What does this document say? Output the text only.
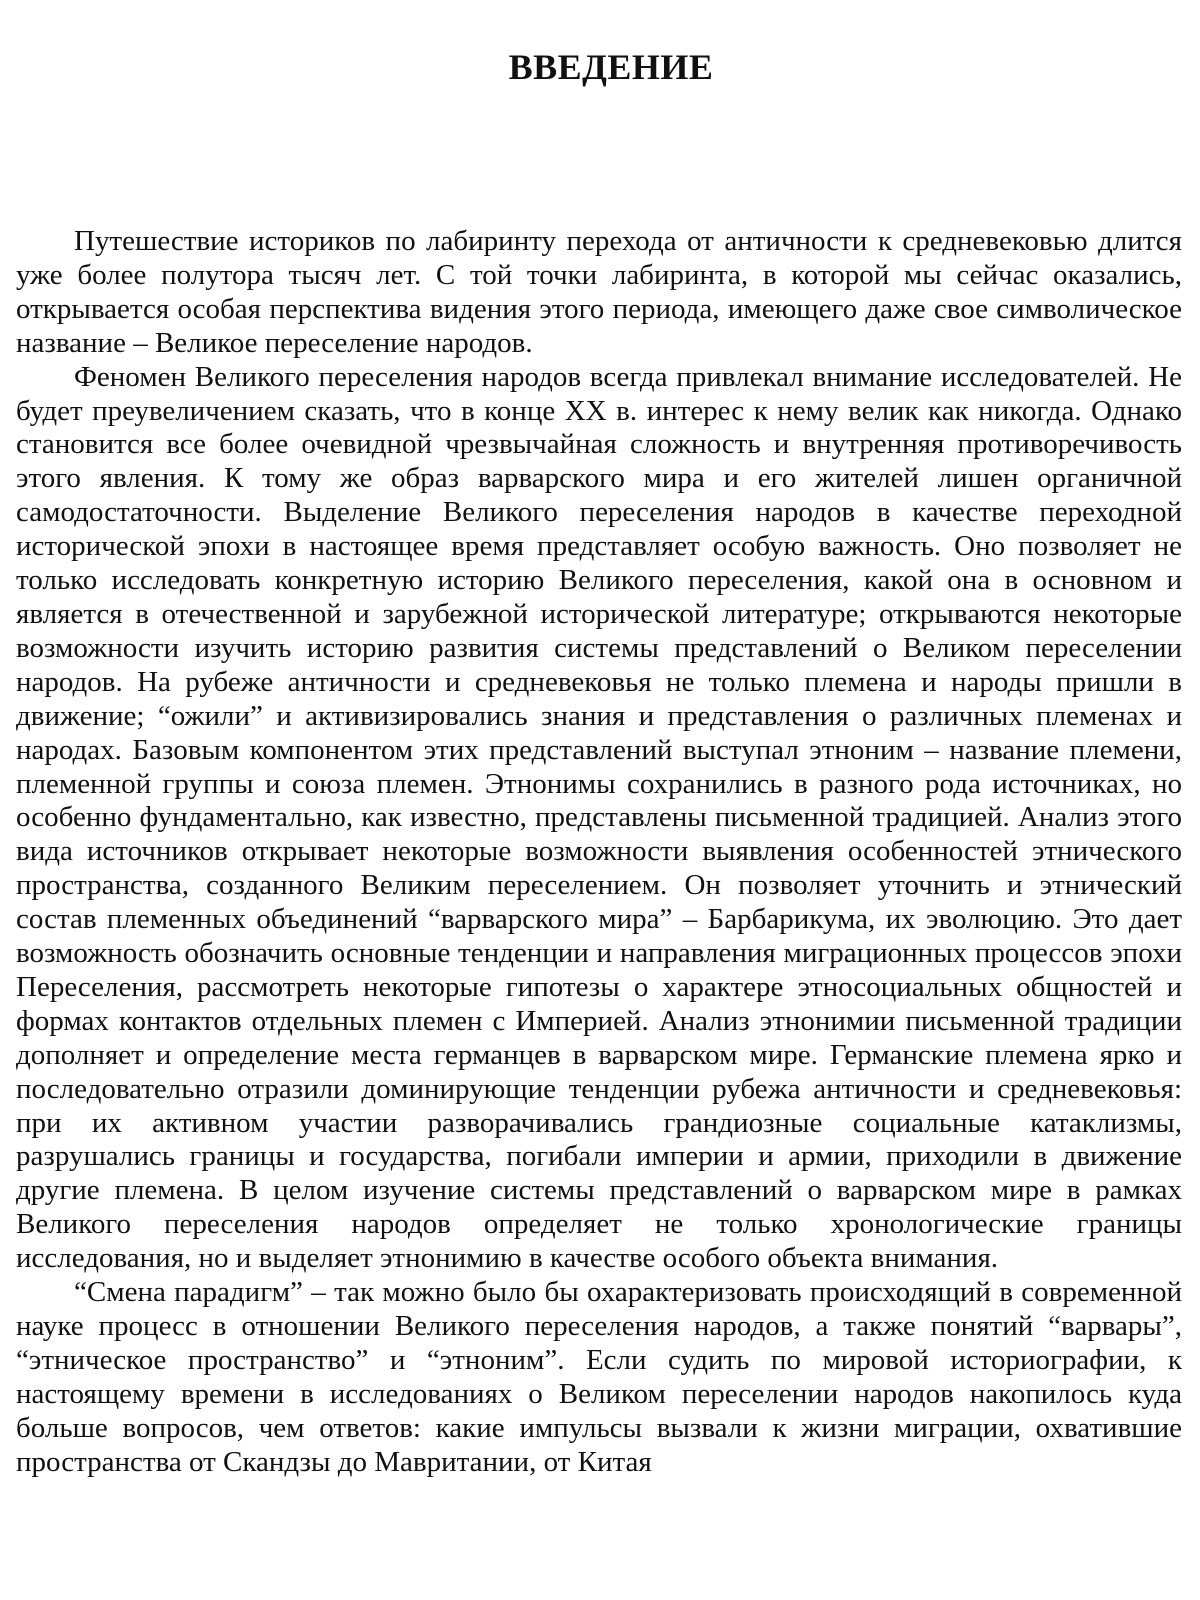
ВВЕДЕНИЕ

Путешествие историков по лабиринту перехода от античности к средневековью длится уже более полутора тысяч лет. С той точки лабиринта, в которой мы сейчас оказались, открывается особая перспектива видения этого периода, имеющего даже свое символическое название – Великое переселение народов.

Феномен Великого переселения народов всегда привлекал внимание исследователей. Не будет преувеличением сказать, что в конце XX в. интерес к нему велик как никогда. Однако становится все более очевидной чрезвычайная сложность и внутренняя противоречивость этого явления. К тому же образ варварского мира и его жителей лишен органичной самодостаточности. Выделение Великого переселения народов в качестве переходной исторической эпохи в настоящее время представляет особую важность. Оно позволяет не только исследовать конкретную историю Великого переселения, какой она в основном и является в отечественной и зарубежной исторической литературе; открываются некоторые возможности изучить историю развития системы представлений о Великом переселении народов. На рубеже античности и средневековья не только племена и народы пришли в движение; “ожили” и активизировались знания и представления о различных племенах и народах. Базовым компонентом этих представлений выступал этноним – название племени, племенной группы и союза племен. Этнонимы сохранились в разного рода источниках, но особенно фундаментально, как известно, представлены письменной традицией. Анализ этого вида источников открывает некоторые возможности выявления особенностей этнического пространства, созданного Великим переселением. Он позволяет уточнить и этнический состав племенных объединений “варварского мира” – Барбарикума, их эволюцию. Это дает возможность обозначить основные тенденции и направления миграционных процессов эпохи Переселения, рассмотреть некоторые гипотезы о характере этносоциальных общностей и формах контактов отдельных племен с Империей. Анализ этнонимии письменной традиции дополняет и определение места германцев в варварском мире. Германские племена ярко и последовательно отразили доминирующие тенденции рубежа античности и средневековья: при их активном участии разворачивались грандиозные социальные катаклизмы, разрушались границы и государства, погибали империи и армии, приходили в движение другие племена. В целом изучение системы представлений о варварском мире в рамках Великого переселения народов определяет не только хронологические границы исследования, но и выделяет этнонимию в качестве особого объекта внимания.

“Смена парадигм” – так можно было бы охарактеризовать происходящий в современной науке процесс в отношении Великого переселения народов, а также понятий “варвары”, “этническое пространство” и “этноним”. Если судить по мировой историографии, к настоящему времени в исследованиях о Великом переселении народов накопилось куда больше вопросов, чем ответов: какие импульсы вызвали к жизни миграции, охватившие пространства от Скандзы до Мавритании, от Китая
